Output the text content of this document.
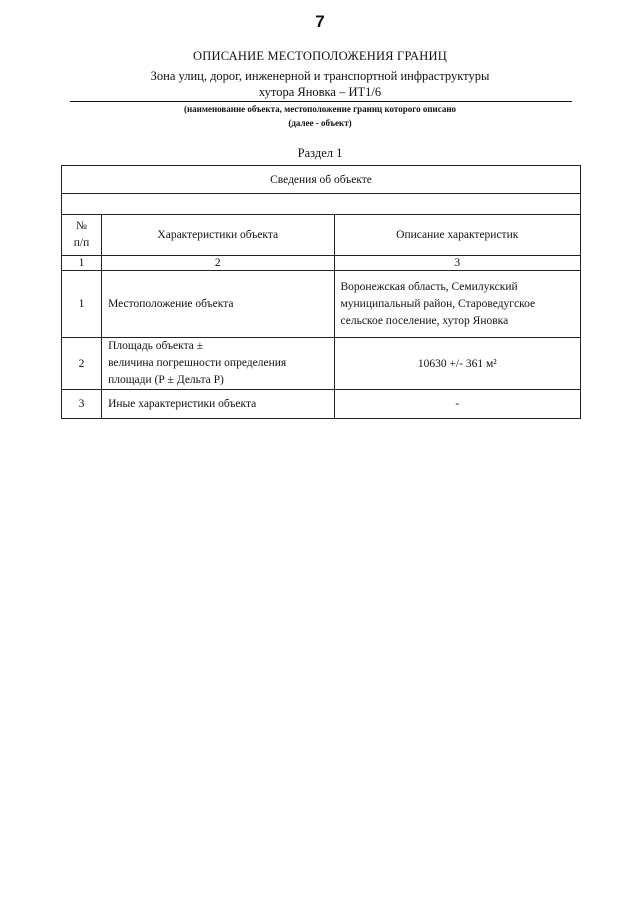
7
ОПИСАНИЕ МЕСТОПОЛОЖЕНИЯ ГРАНИЦ
Зона улиц, дорог, инженерной и транспортной инфраструктуры
хутора Яновка – ИТ1/6
(наименование объекта, местоположение границ которого описано
(далее - объект)
Раздел 1
Сведения об объекте		

№
п/п	Характеристики объекта	Описание характеристик
1	2	3
1	Местоположение объекта	Воронежская область, Семилукский
муниципальный район, Староведугское
сельское поселение, хутор Яновка

2	Площадь объекта ±
величина погрешности определения
площади (Р ± Дельта Р)	10630 +/- 361 м²
3	Иные характеристики объекта	-
